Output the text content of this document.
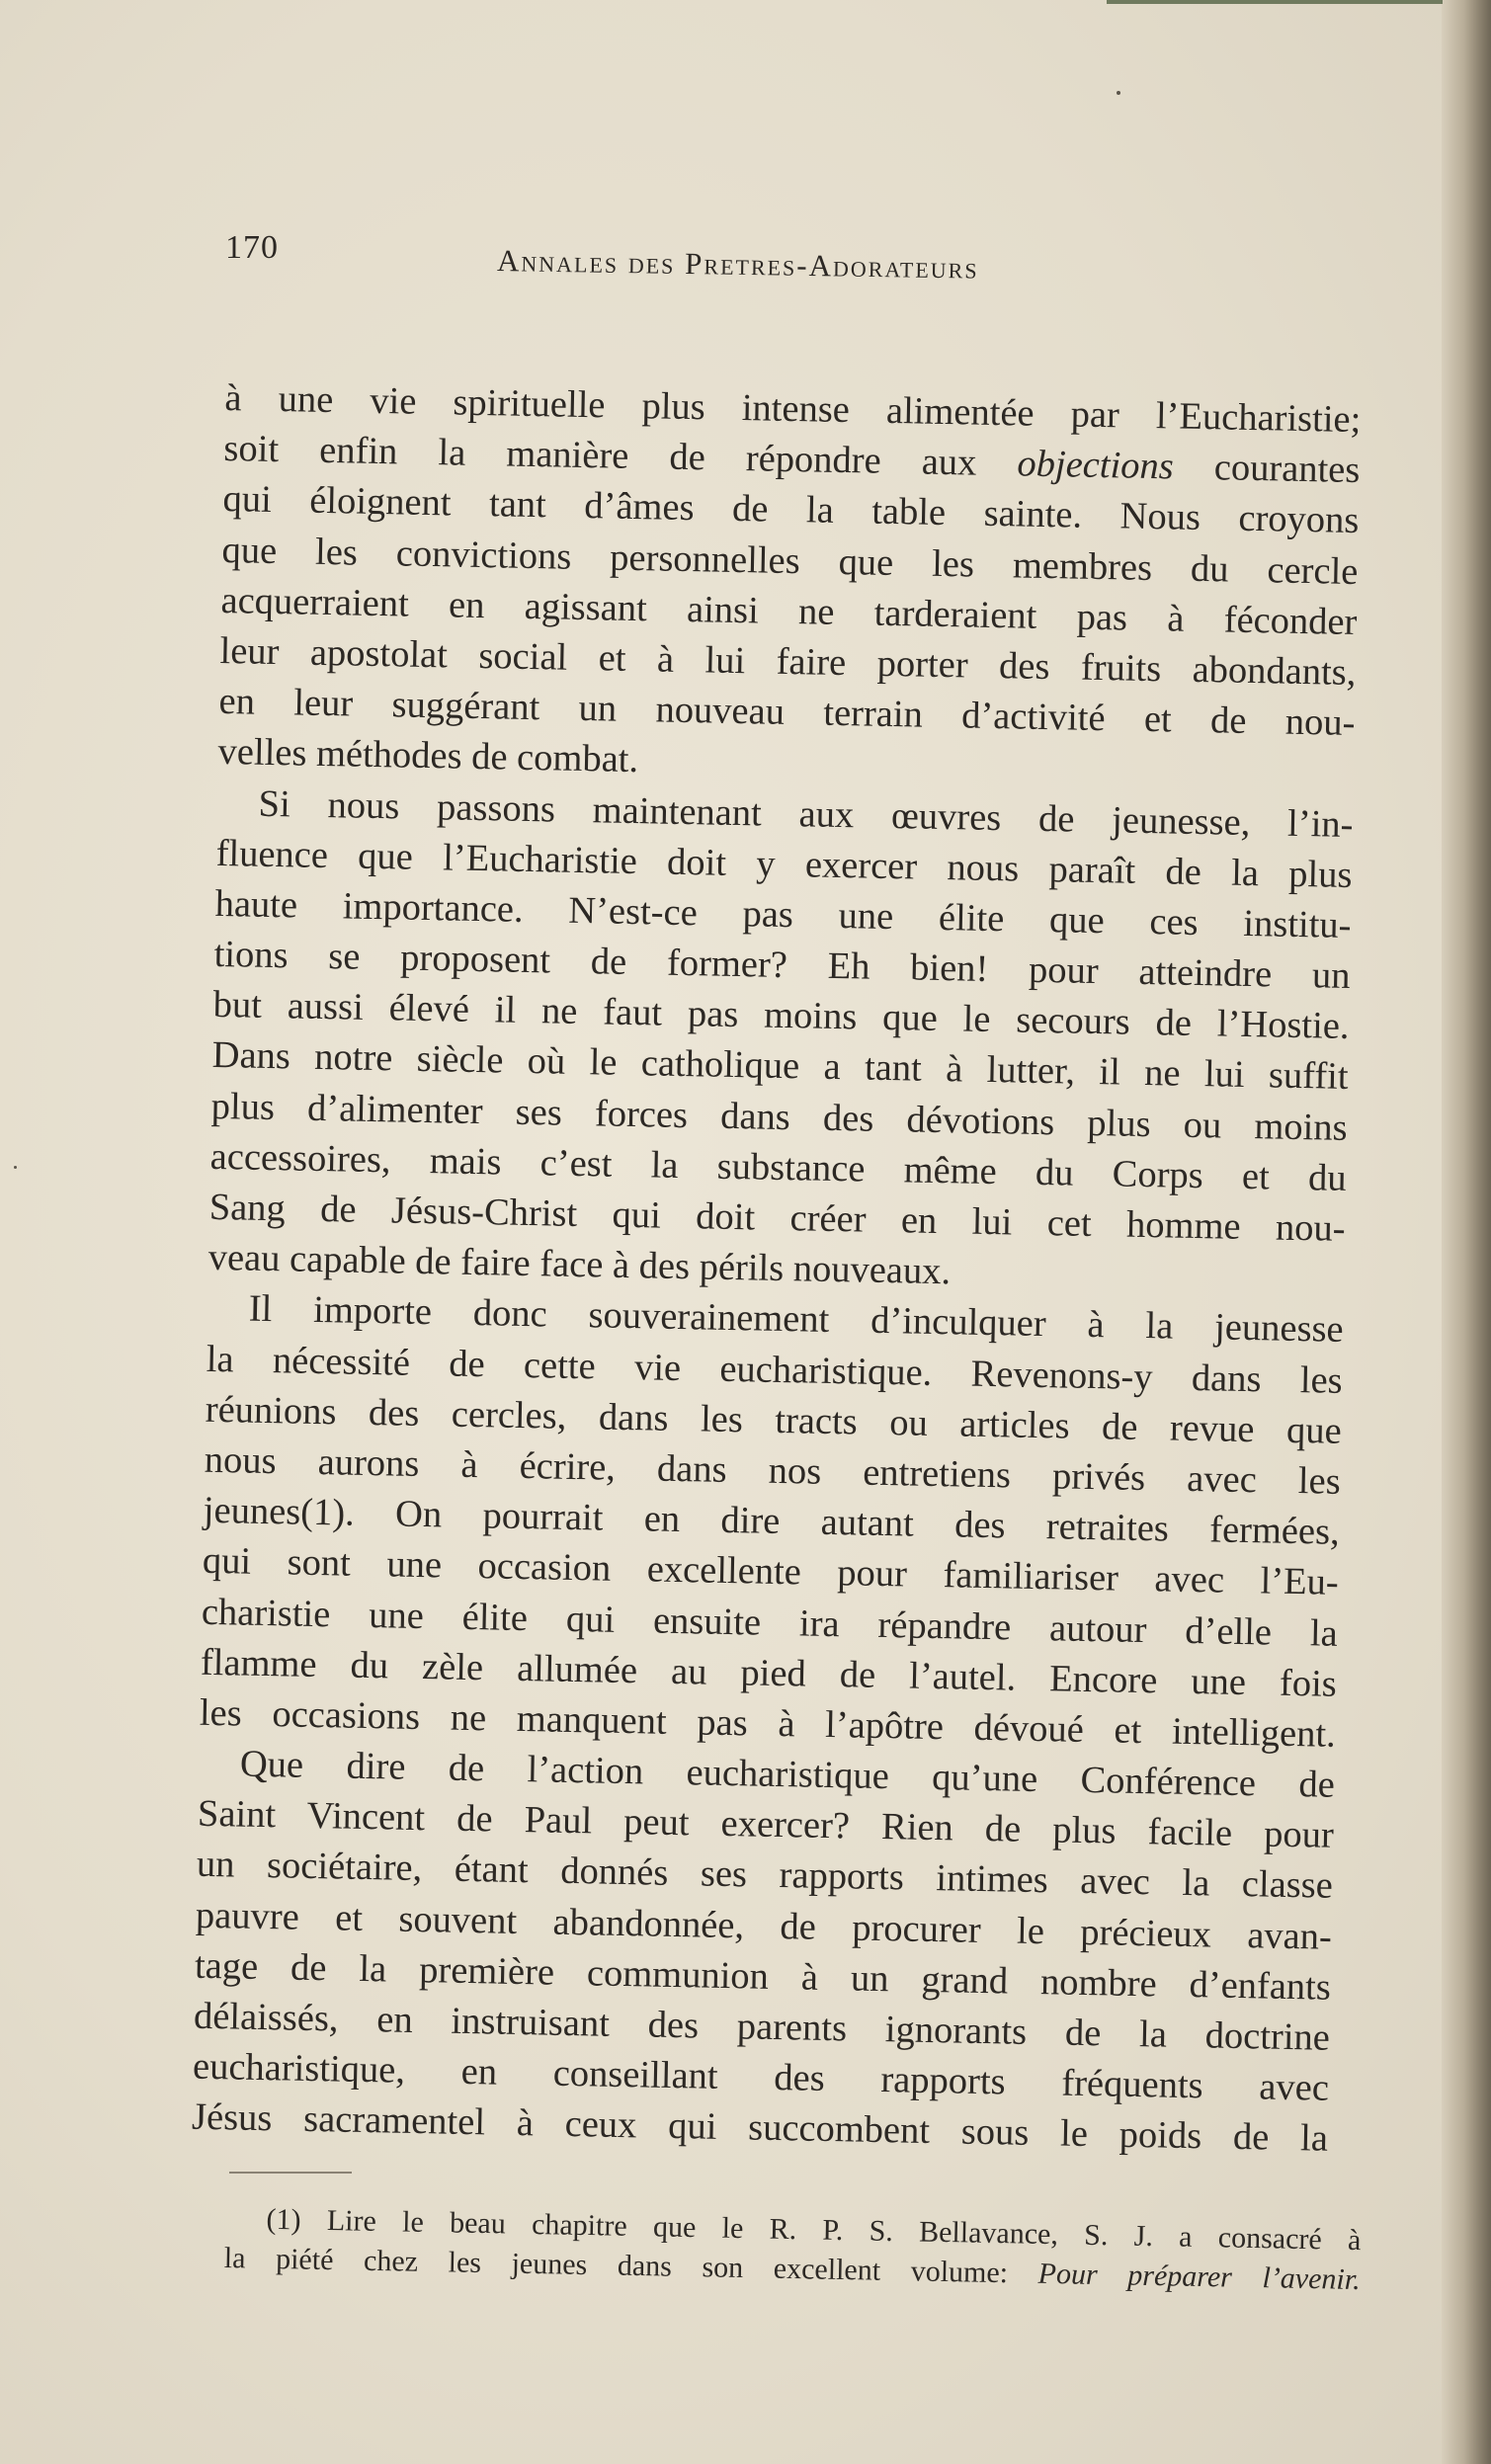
170	Annales des Pretres-Adorateurs
à une vie spirituelle plus intense alimentée par l’Eucharistie;
soit enfin la manière de répondre aux objections courantes
qui éloignent tant d’âmes de la table sainte. Nous croyons
que les convictions personnelles que les membres du cercle
acquerraient en agissant ainsi ne tarderaient pas à féconder
leur apostolat social et à lui faire porter des fruits abondants,
en leur suggérant un nouveau terrain d’activité et de nou-
velles méthodes de combat.
Si nous passons maintenant aux œuvres de jeunesse, l’in-
fluence que l’Eucharistie doit y exercer nous paraît de la plus
haute importance. N’est-ce pas une élite que ces institu-
tions se proposent de former? Eh bien! pour atteindre un
but aussi élevé il ne faut pas moins que le secours de l’Hostie.
Dans notre siècle où le catholique a tant à lutter, il ne lui suffit
plus d’alimenter ses forces dans des dévotions plus ou moins
accessoires, mais c’est la substance même du Corps et du
Sang de Jésus-Christ qui doit créer en lui cet homme nou-
veau capable de faire face à des périls nouveaux.
Il importe donc souverainement d’inculquer à la jeunesse
la nécessité de cette vie eucharistique. Revenons-y dans les
réunions des cercles, dans les tracts ou articles de revue que
nous aurons à écrire, dans nos entretiens privés avec les
jeunes(1). On pourrait en dire autant des retraites fermées,
qui sont une occasion excellente pour familiariser avec l’Eu-
charistie une élite qui ensuite ira répandre autour d’elle la
flamme du zèle allumée au pied de l’autel. Encore une fois
les occasions ne manquent pas à l’apôtre dévoué et intelligent.
Que dire de l’action eucharistique qu’une Conférence de
Saint Vincent de Paul peut exercer? Rien de plus facile pour
un sociétaire, étant donnés ses rapports intimes avec la classe
pauvre et souvent abandonnée, de procurer le précieux avan-
tage de la première communion à un grand nombre d’enfants
délaissés, en instruisant des parents ignorants de la doctrine
eucharistique, en conseillant des rapports fréquents avec
Jésus sacramentel à ceux qui succombent sous le poids de la
(1) Lire le beau chapitre que le R. P. S. Bellavance, S. J. a consacré à
la piété chez les jeunes dans son excellent volume: Pour préparer l’avenir.
